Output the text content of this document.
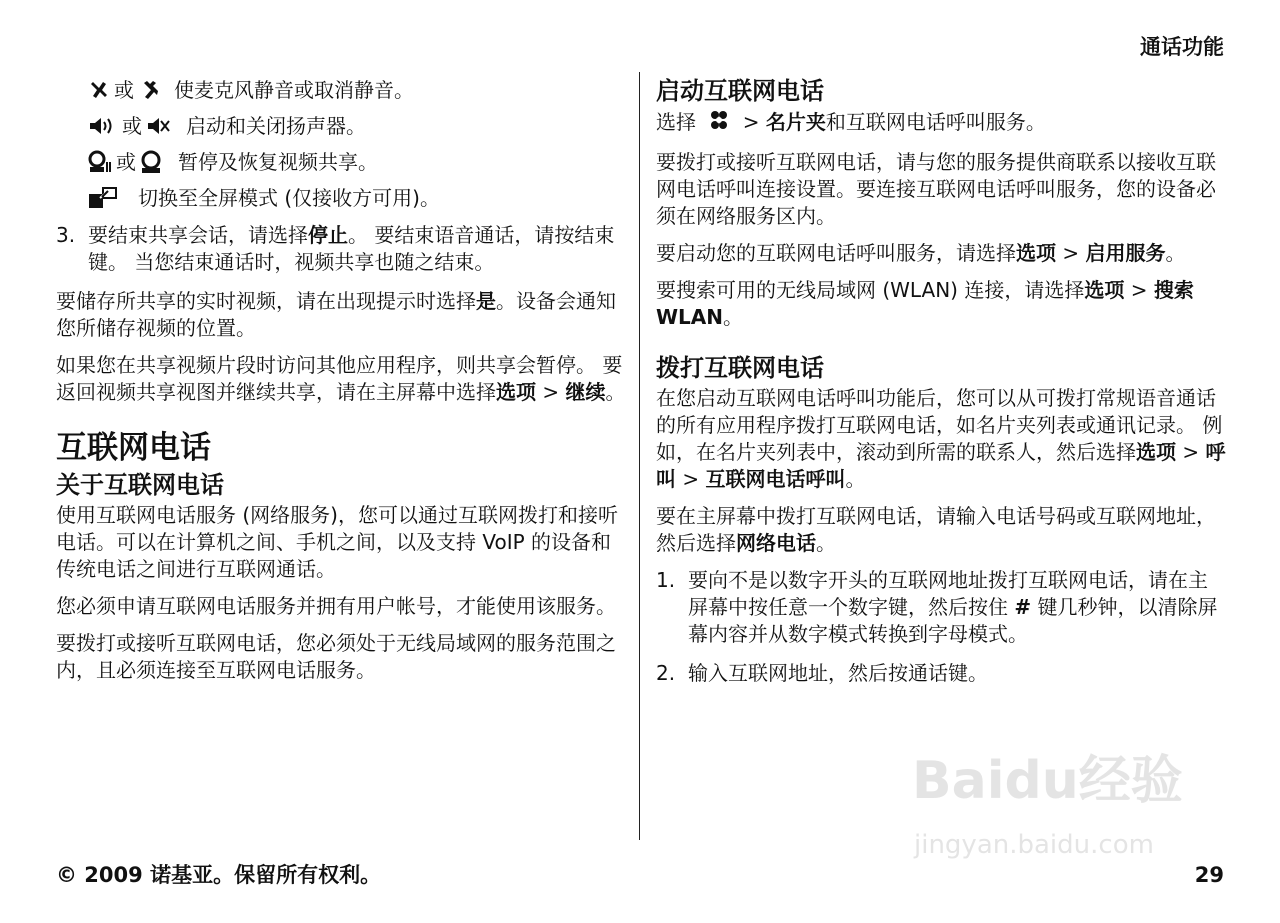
通话功能
或 使麦克风静音或取消静音。
或 启动和关闭扬声器。
或 暂停及恢复视频共享。
切换至全屏模式 (仅接收方可用)。
3. 要结束共享会话，请选择停止。 要结束语音通话，请按结束键。 当您结束通话时，视频共享也随之结束。

要储存所共享的实时视频，请在出现提示时选择是。设备会通知您所储存视频的位置。

如果您在共享视频片段时访问其他应用程序，则共享会暂停。 要返回视频共享视图并继续共享，请在主屏幕中选择选项 > 继续。

互联网电话
关于互联网电话

使用互联网电话服务 (网络服务)，您可以通过互联网拨打和接听电话。可以在计算机之间、手机之间，以及支持 VoIP 的设备和传统电话之间进行互联网通话。

您必须申请互联网电话服务并拥有用户帐号，才能使用该服务。

要拨打或接听互联网电话，您必须处于无线局域网的服务范围之内，且必须连接至互联网电话服务。

启动互联网电话

选择  > 名片夹和互联网电话呼叫服务。

要拨打或接听互联网电话，请与您的服务提供商联系以接收互联网电话呼叫连接设置。要连接互联网电话呼叫服务，您的设备必须在网络服务区内。

要启动您的互联网电话呼叫服务，请选择选项 > 启用服务。

要搜索可用的无线局域网 (WLAN) 连接，请选择选项 > 搜索 WLAN。

拨打互联网电话

在您启动互联网电话呼叫功能后，您可以从可拨打常规语音通话的所有应用程序拨打互联网电话，如名片夹列表或通讯记录。 例如，在名片夹列表中，滚动到所需的联系人，然后选择选项 > 呼叫 > 互联网电话呼叫。

要在主屏幕中拨打互联网电话，请输入电话号码或互联网地址，然后选择网络电话。

1. 要向不是以数字开头的互联网地址拨打互联网电话，请在主屏幕中按任意一个数字键，然后按住 # 键几秒钟，以清除屏幕内容并从数字模式转换到字母模式。
2. 输入互联网地址，然后按通话键。
Baidu经验
jingyan.baidu.com
© 2009 诺基亚。保留所有权利。	29
